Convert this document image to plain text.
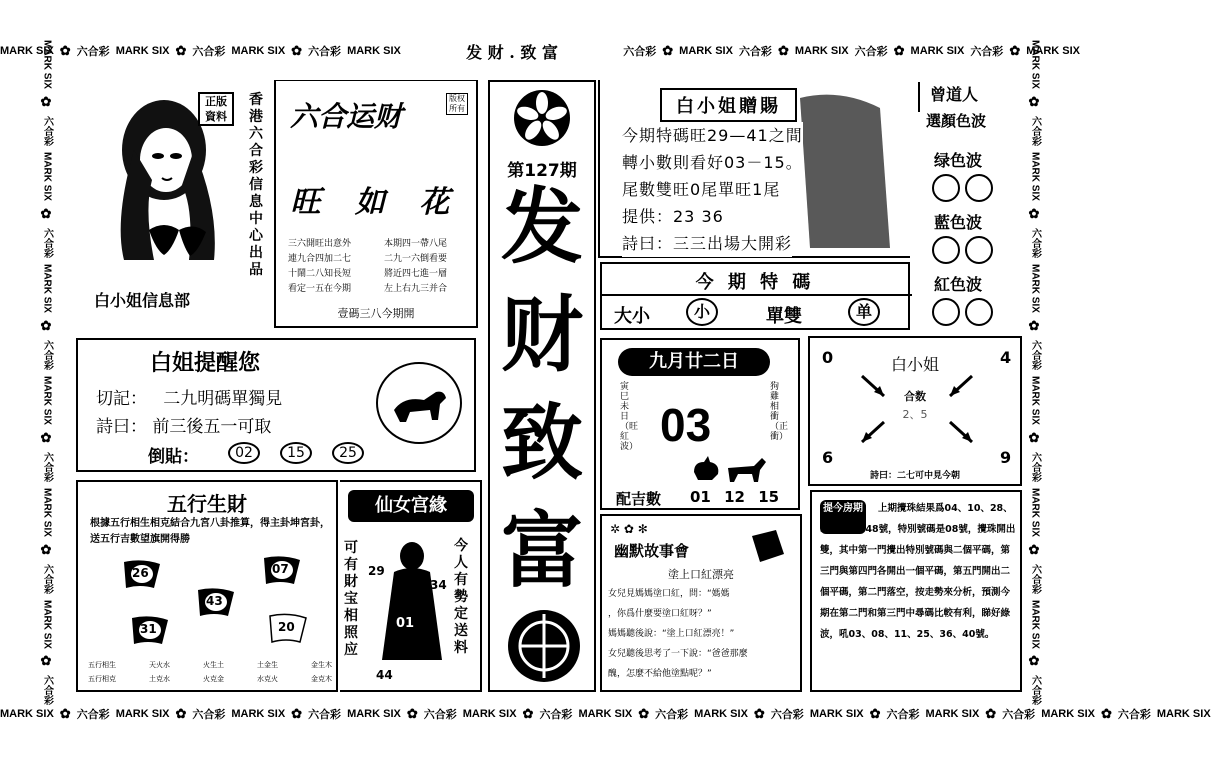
MARK SIX ✿ 六合彩 MARK SIX ✿ 六合彩 MARK SIX ✿ 六合彩 MARK SIX	发 财 . 致 富	六合彩 ✿ MARK SIX 六合彩 ✿ MARK SIX 六合彩 ✿ MARK SIX 六合彩 ✿ MARK SIX
MARK SIX ✿ 六合彩 MARK SIX ✿ 六合彩 MARK SIX ✿ 六合彩 MARK SIX ✿ 六合彩 MARK SIX ✿ 六合彩 MARK SIX ✿ 六合彩 MARK SIX ✿ 六合彩 MARK SIX ✿ 六合彩 MARK SIX ✿ 六合彩 MARK SIX ✿ 六合彩 MARK SIX
MARK SIX
✿
六合彩
MARK SIX
✿
六合彩
MARK SIX
✿
六合彩
MARK SIX
✿
六合彩
MARK SIX
✿
六合彩
MARK SIX
✿
六合彩
MARK SIX
✿
六合彩
MARK SIX
✿
六合彩
MARK SIX
✿
六合彩
MARK SIX
✿
六合彩
MARK SIX
✿
六合彩
MARK SIX
✿
六合彩
正版資料
白小姐信息部
香港六合彩信息中心出品
六合运财
版权所有
旺 如 花
三六開旺出意外
連九合四加二七
十鬧二八知長短
看定一五在今期
本期四一帶八尾
二九一六倒看要
將近四七進一層
左上右九三并合
壹碼三八今期開
第127期
发
财
致
富
白小姐贈賜
今期特碼旺29—41之間
轉小數則看好03－15。
尾數雙旺0尾單旺1尾
提供：23 36
詩曰：三三出場大開彩
曾道人
選顏色波
绿色波

藍色波

紅色波

今 期 特 碼
大小	小	單雙	单
白姐提醒您
切記： 二九明碼單獨見
詩曰： 前三後五一可取
倒貼：	02	15	25
九月廿二日
寅巳未日（旺紅波）
狗雞相衝（正衝）
03
配吉數 01 12 15
白小姐
合数
2、5
0	4
6	9
詩曰：二七可中見今朝
五行生財
根據五行相生相克結合九宮八卦推算，得主卦坤宮卦，送五行吉數望旗開得勝
26	07
43
31	20
五行相生	天火水	火生土	土金生	金生木
五行相克	土克水	火克金	水克火	金克木
仙女宫緣
可有財宝相照应
今人有勢定送料
29
34
01
44
✲ ✿ ✻
幽默故事會
塗上口紅漂亮
女兒見媽媽塗口紅，問：“媽媽
，你爲什麼要塗口紅呀？”
媽媽聽後說：“塗上口紅漂亮！”
女兒聽後思考了一下說：“爸爸那麼
醜，怎麼不給他塗點呢？”
提今房期	上期攪珠結果爲04、10、28、37、42、48號，特別號碼是08號，攪珠開出雙，其中第一門攪出特別號碼與二個平碼，第三門與第四門各開出一個平碼，第五門開出二個平碼，第二門落空，按走勢來分析，預測今期在第二門和第三門中尋碼比較有利，睇好綠波，吼03、08、11、25、36、40號。
